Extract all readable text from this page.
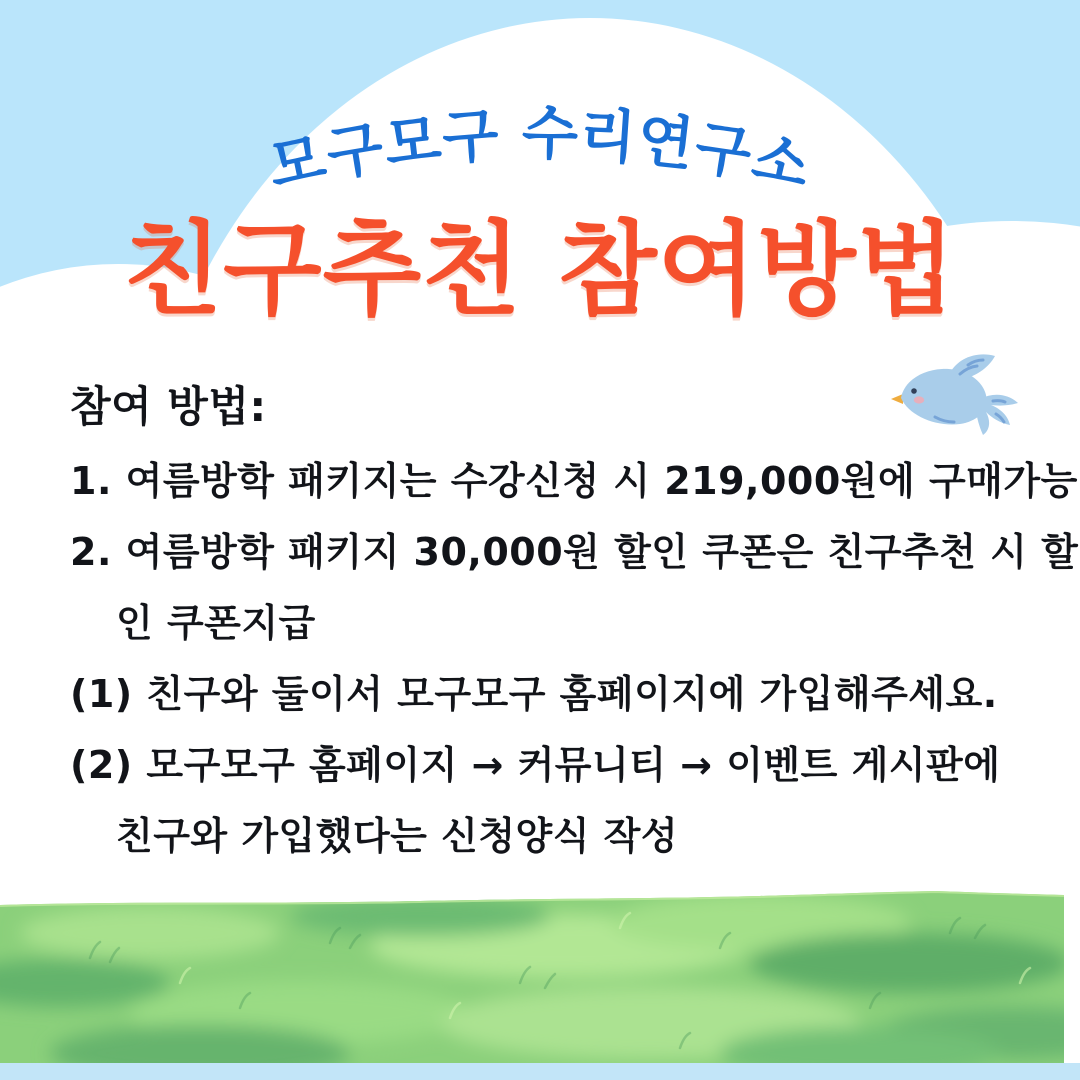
모구모구 수리연구소
친구추천 참여방법
참여 방법:
1. 여름방학 패키지는 수강신청 시 219,000원에 구매가능
2. 여름방학 패키지 30,000원 할인 쿠폰은 친구추천 시 할
인 쿠폰지급
(1) 친구와 둘이서 모구모구 홈페이지에 가입해주세요.
(2) 모구모구 홈페이지 → 커뮤니티 → 이벤트 게시판에
친구와 가입했다는 신청양식 작성
